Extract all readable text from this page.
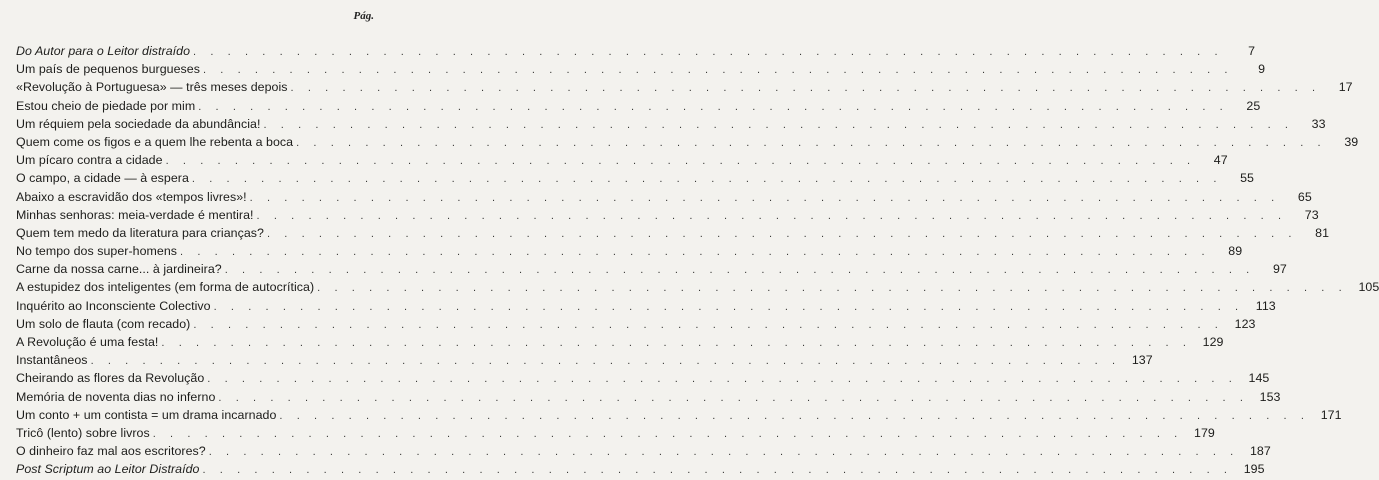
Pág.
Do Autor para o Leitor distraído . . . . . . . . . . . . . . . . . . . . . . . . . . . . . . . . . . . . . . . . . . . . . . . . . . . . . . . . . . . .	7
Um país de pequenos burgueses . . . . . . . . . . . . . . . . . . . . . . . . . . . . . . . . . . . . . . . . . . . . . . . . . . . . . . . . . . . .	9
«Revolução à Portuguesa» — três meses depois . . . . . . . . . . . . . . . . . . . . . . . . . . . . . . . . . . . . . . . . . . . . . . . . . . . . . . . . . . . .	17
Estou cheio de piedade por mim . . . . . . . . . . . . . . . . . . . . . . . . . . . . . . . . . . . . . . . . . . . . . . . . . . . . . . . . . . . .	25
Um réquiem pela sociedade da abundância! . . . . . . . . . . . . . . . . . . . . . . . . . . . . . . . . . . . . . . . . . . . . . . . . . . . . . . . . . . . .	33
Quem come os figos e a quem lhe rebenta a boca . . . . . . . . . . . . . . . . . . . . . . . . . . . . . . . . . . . . . . . . . . . . . . . . . . . . . . . . . . . .	39
Um pícaro contra a cidade . . . . . . . . . . . . . . . . . . . . . . . . . . . . . . . . . . . . . . . . . . . . . . . . . . . . . . . . . . . .	47
O campo, a cidade — à espera . . . . . . . . . . . . . . . . . . . . . . . . . . . . . . . . . . . . . . . . . . . . . . . . . . . . . . . . . . . .	55
Abaixo a escravidão dos «tempos livres»! . . . . . . . . . . . . . . . . . . . . . . . . . . . . . . . . . . . . . . . . . . . . . . . . . . . . . . . . . . . .	65
Minhas senhoras: meia-verdade é mentira! . . . . . . . . . . . . . . . . . . . . . . . . . . . . . . . . . . . . . . . . . . . . . . . . . . . . . . . . . . . .	73
Quem tem medo da literatura para crianças? . . . . . . . . . . . . . . . . . . . . . . . . . . . . . . . . . . . . . . . . . . . . . . . . . . . . . . . . . . . .	81
No tempo dos super-homens . . . . . . . . . . . . . . . . . . . . . . . . . . . . . . . . . . . . . . . . . . . . . . . . . . . . . . . . . . . .	89
Carne da nossa carne... à jardineira? . . . . . . . . . . . . . . . . . . . . . . . . . . . . . . . . . . . . . . . . . . . . . . . . . . . . . . . . . . . .	97
A estupidez dos inteligentes (em forma de autocrítica) . . . . . . . . . . . . . . . . . . . . . . . . . . . . . . . . . . . . . . . . . . . . . . . . . . . . . . . . . . . . 105
Inquérito ao Inconsciente Colectivo . . . . . . . . . . . . . . . . . . . . . . . . . . . . . . . . . . . . . . . . . . . . . . . . . . . . . . . . . . . . 113
Um solo de flauta (com recado) . . . . . . . . . . . . . . . . . . . . . . . . . . . . . . . . . . . . . . . . . . . . . . . . . . . . . . . . . . . . 123
A Revolução é uma festa! . . . . . . . . . . . . . . . . . . . . . . . . . . . . . . . . . . . . . . . . . . . . . . . . . . . . . . . . . . . . 129
Instantâneos . . . . . . . . . . . . . . . . . . . . . . . . . . . . . . . . . . . . . . . . . . . . . . . . . . . . . . . . . . . . 137
Cheirando as flores da Revolução . . . . . . . . . . . . . . . . . . . . . . . . . . . . . . . . . . . . . . . . . . . . . . . . . . . . . . . . . . . . 145
Memória de noventa dias no inferno . . . . . . . . . . . . . . . . . . . . . . . . . . . . . . . . . . . . . . . . . . . . . . . . . . . . . . . . . . . . 153
Um conto + um contista = um drama incarnado . . . . . . . . . . . . . . . . . . . . . . . . . . . . . . . . . . . . . . . . . . . . . . . . . . . . . . . . . . . . 171
Tricô (lento) sobre livros . . . . . . . . . . . . . . . . . . . . . . . . . . . . . . . . . . . . . . . . . . . . . . . . . . . . . . . . . . . . 179
O dinheiro faz mal aos escritores? . . . . . . . . . . . . . . . . . . . . . . . . . . . . . . . . . . . . . . . . . . . . . . . . . . . . . . . . . . . . 187
Post Scriptum ao Leitor Distraído . . . . . . . . . . . . . . . . . . . . . . . . . . . . . . . . . . . . . . . . . . . . . . . . . . . . . . . . . . . . 195
